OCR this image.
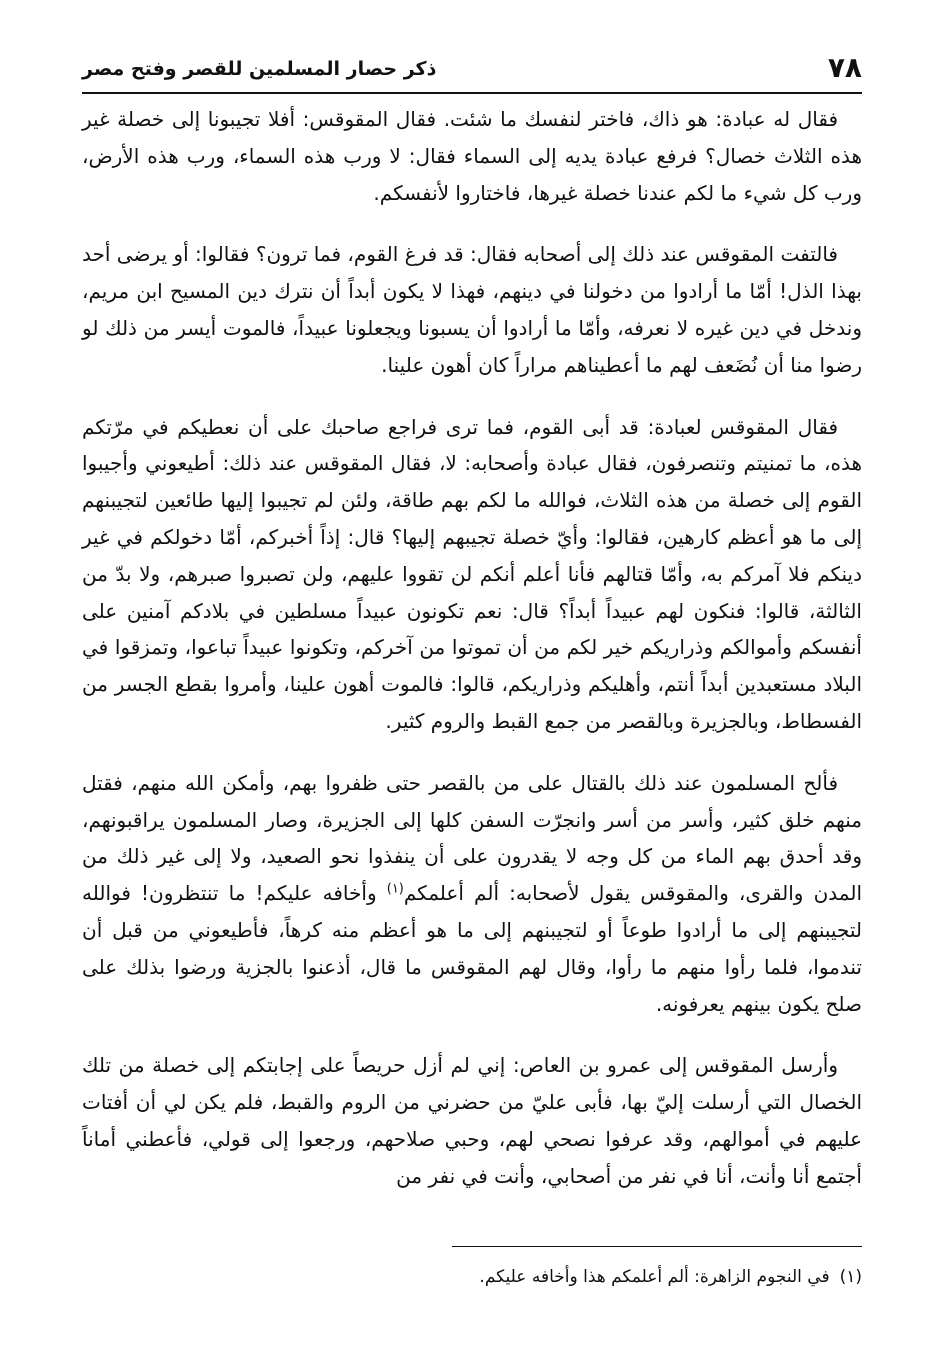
٧٨
ذكر حصار المسلمين للقصر وفتح مصر

فقال له عبادة: هو ذاك، فاختر لنفسك ما شئت. فقال المقوقس: أفلا تجيبونا إلى خصلة غير هذه الثلاث خصال؟ فرفع عبادة يديه إلى السماء فقال: لا ورب هذه السماء، ورب هذه الأرض، ورب كل شيء ما لكم عندنا خصلة غيرها، فاختاروا لأنفسكم.

فالتفت المقوقس عند ذلك إلى أصحابه فقال: قد فرغ القوم، فما ترون؟ فقالوا: أو يرضى أحد بهذا الذل! أمّا ما أرادوا من دخولنا في دينهم، فهذا لا يكون أبداً أن نترك دين المسيح ابن مريم، وندخل في دين غيره لا نعرفه، وأمّا ما أرادوا أن يسبونا ويجعلونا عبيداً، فالموت أيسر من ذلك لو رضوا منا أن نُضَعف لهم ما أعطيناهم مراراً كان أهون علينا.

فقال المقوقس لعبادة: قد أبى القوم، فما ترى فراجع صاحبك على أن نعطيكم في مرّتكم هذه، ما تمنيتم وتنصرفون، فقال عبادة وأصحابه: لا، فقال المقوقس عند ذلك: أطيعوني وأجيبوا القوم إلى خصلة من هذه الثلاث، فوالله ما لكم بهم طاقة، ولئن لم تجيبوا إليها طائعين لتجيبنهم إلى ما هو أعظم كارهين، فقالوا: وأيّ خصلة تجيبهم إليها؟ قال: إذاً أخبركم، أمّا دخولكم في غير دينكم فلا آمركم به، وأمّا قتالهم فأنا أعلم أنكم لن تقووا عليهم، ولن تصبروا صبرهم، ولا بدّ من الثالثة، قالوا: فنكون لهم عبيداً أبداً؟ قال: نعم تكونون عبيداً مسلطين في بلادكم آمنين على أنفسكم وأموالكم وذراريكم خير لكم من أن تموتوا من آخركم، وتكونوا عبيداً تباعوا، وتمزقوا في البلاد مستعبدين أبداً أنتم، وأهليكم وذراريكم، قالوا: فالموت أهون علينا، وأمروا بقطع الجسر من الفسطاط، وبالجزيرة وبالقصر من جمع القبط والروم كثير.

فألح المسلمون عند ذلك بالقتال على من بالقصر حتى ظفروا بهم، وأمكن الله منهم، فقتل منهم خلق كثير، وأسر من أسر وانجرّت السفن كلها إلى الجزيرة، وصار المسلمون يراقبونهم، وقد أحدق بهم الماء من كل وجه لا يقدرون على أن ينفذوا نحو الصعيد، ولا إلى غير ذلك من المدن والقرى، والمقوقس يقول لأصحابه: ألم أعلمكم$^{(١)}$ وأخافه عليكم! ما تنتظرون! فوالله لتجيبنهم إلى ما أرادوا طوعاً أو لتجيبنهم إلى ما هو أعظم منه كرهاً، فأطيعوني من قبل أن تندموا، فلما رأوا منهم ما رأوا، وقال لهم المقوقس ما قال، أذعنوا بالجزية ورضوا بذلك على صلح يكون بينهم يعرفونه.

وأرسل المقوقس إلى عمرو بن العاص: إني لم أزل حريصاً على إجابتكم إلى خصلة من تلك الخصال التي أرسلت إليّ بها، فأبى عليّ من حضرني من الروم والقبط، فلم يكن لي أن أفتات عليهم في أموالهم، وقد عرفوا نصحي لهم، وحبي صلاحهم، ورجعوا إلى قولي، فأعطني أماناً أجتمع أنا وأنت، أنا في نفر من أصحابي، وأنت في نفر من

(١)في النجوم الزاهرة: ألم أعلمكم هذا وأخافه عليكم.
